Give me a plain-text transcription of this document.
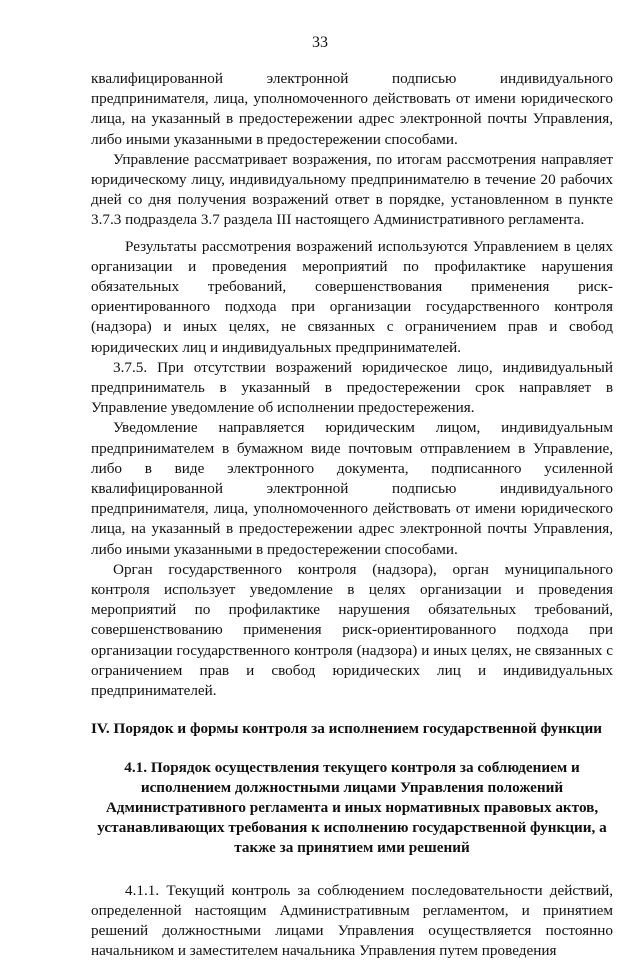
33

квалифицированной электронной подписью индивидуального предпринимателя, лица, уполномоченного действовать от имени юридического лица, на указанный в предостережении адрес электронной почты Управления, либо иными указанными в предостережении способами.

Управление рассматривает возражения, по итогам рассмотрения направляет юридическому лицу, индивидуальному предпринимателю в течение 20 рабочих дней со дня получения возражений ответ в порядке, установленном в пункте 3.7.3 подраздела 3.7 раздела III настоящего Административного регламента.

Результаты рассмотрения возражений используются Управлением в целях организации и проведения мероприятий по профилактике нарушения обязательных требований, совершенствования применения риск-ориентированного подхода при организации государственного контроля (надзора) и иных целях, не связанных с ограничением прав и свобод юридических лиц и индивидуальных предпринимателей.

3.7.5. При отсутствии возражений юридическое лицо, индивидуальный предприниматель в указанный в предостережении срок направляет в Управление уведомление об исполнении предостережения.

Уведомление направляется юридическим лицом, индивидуальным предпринимателем в бумажном виде почтовым отправлением в Управление, либо в виде электронного документа, подписанного усиленной квалифицированной электронной подписью индивидуального предпринимателя, лица, уполномоченного действовать от имени юридического лица, на указанный в предостережении адрес электронной почты Управления, либо иными указанными в предостережении способами.

Орган государственного контроля (надзора), орган муниципального контроля использует уведомление в целях организации и проведения мероприятий по профилактике нарушения обязательных требований, совершенствованию применения риск-ориентированного подхода при организации государственного контроля (надзора) и иных целях, не связанных с ограничением прав и свобод юридических лиц и индивидуальных предпринимателей.

IV. Порядок и формы контроля за исполнением государственной функции
4.1. Порядок осуществления текущего контроля за соблюдением и исполнением должностными лицами Управления положений Административного регламента и иных нормативных правовых актов, устанавливающих требования к исполнению государственной функции, а также за принятием ими решений

4.1.1. Текущий контроль за соблюдением последовательности действий, определенной настоящим Административным регламентом, и принятием решений должностными лицами Управления осуществляется постоянно начальником и заместителем начальника Управления путем проведения
